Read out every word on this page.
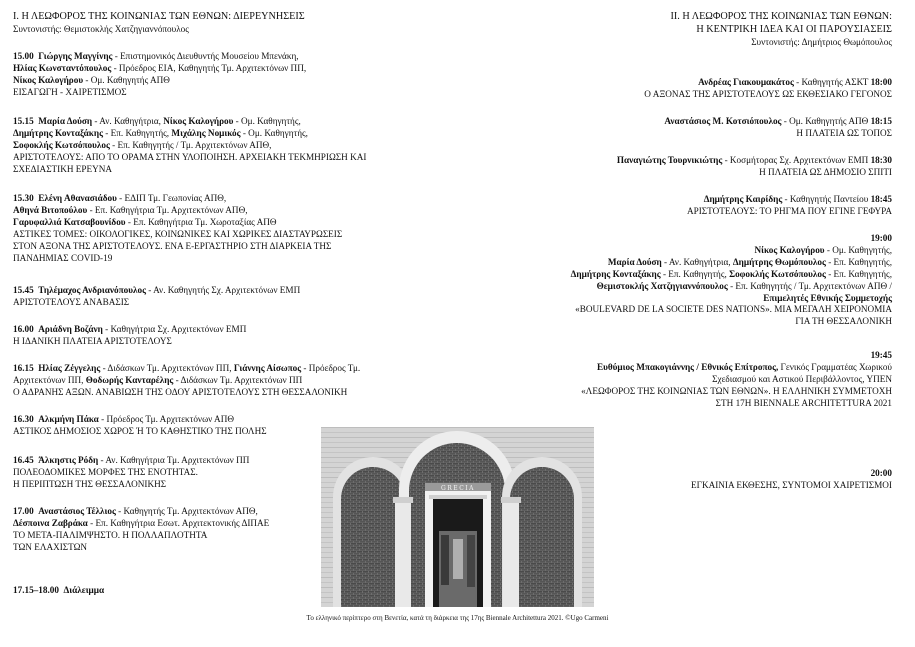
Ι. Η ΛΕΩΦΟΡΟΣ ΤΗΣ ΚΟΙΝΩΝΙΑΣ ΤΩΝ ΕΘΝΩΝ: ΔΙΕΡΕΥΝΗΣΕΙΣ
Συντονιστής: Θεμιστοκλής Χατζηγιαννόπουλος
15.00 Γιώργης Μαγγίνης - Επιστημονικός Διευθυντής Μουσείου Μπενάκη,
Ηλίας Κωνσταντόπουλος - Πρόεδρος ΕΙΑ, Καθηγητής Τμ. Αρχιτεκτόνων ΠΠ,
Νίκος Καλογήρου - Ομ. Καθηγητής ΑΠΘ
ΕΙΣΑΓΩΓΗ - ΧΑΙΡΕΤΙΣΜΟΣ
15.15 Μαρία Δούση - Αν. Καθηγήτρια, Νίκος Καλογήρου - Ομ. Καθηγητής,
Δημήτρης Κονταξάκης - Επ. Καθηγητής, Μιχάλης Νομικός - Ομ. Καθηγητής,
Σοφοκλής Κωτσόπουλος - Επ. Καθηγητής / Τμ. Αρχιτεκτόνων ΑΠΘ,
ΑΡΙΣΤΟΤΕΛΟΥΣ: ΑΠΟ ΤΟ ΟΡΑΜΑ ΣΤΗΝ ΥΛΟΠΟΙΗΣΗ. ΑΡΧΕΙΑΚΗ ΤΕΚΜΗΡΙΩΣΗ ΚΑΙ
ΣΧΕΔΙΑΣΤΙΚΗ ΕΡΕΥΝΑ
15.30 Ελένη Αθανασιάδου - ΕΔΙΠ Τμ. Γεωπονίας ΑΠΘ,
Αθηνά Βιτοπούλου - Επ. Καθηγήτρια Τμ. Αρχιτεκτόνων ΑΠΘ,
Γαρυφαλλιά Κατσαβουνίδου - Επ. Καθηγήτρια Τμ. Χωροταξίας ΑΠΘ
ΑΣΤΙΚΕΣ ΤΟΜΕΣ: ΟΙΚΟΛΟΓΙΚΕΣ, ΚΟΙΝΩΝΙΚΕΣ ΚΑΙ ΧΩΡΙΚΕΣ ΔΙΑΣΤΑΥΡΩΣΕΙΣ
ΣΤΟΝ ΑΞΟΝΑ ΤΗΣ ΑΡΙΣΤΟΤΕΛΟΥΣ. ΕΝΑ Ε-ΕΡΓΑΣΤΗΡΙΟ ΣΤΗ ΔΙΑΡΚΕΙΑ ΤΗΣ
ΠΑΝΔΗΜΙΑΣ COVID-19
15.45 Τηλέμαχος Ανδριανόπουλος - Αν. Καθηγητής Σχ. Αρχιτεκτόνων ΕΜΠ
ΑΡΙΣΤΟΤΕΛΟΥΣ ΑΝΑΒΑΣΙΣ
16.00 Αριάδνη Βοζάνη - Καθηγήτρια Σχ. Αρχιτεκτόνων ΕΜΠ
Η ΙΔΑΝΙΚΗ ΠΛΑΤΕΙΑ ΑΡΙΣΤΟΤΕΛΟΥΣ
16.15 Ηλίας Ζέγγελης - Διδάσκων Τμ. Αρχιτεκτόνων ΠΠ, Γιάννης Αίσωπος - Πρόεδρος Τμ.
Αρχιτεκτόνων ΠΠ, Θοδωρής Κανταρέλης - Διδάσκων Τμ. Αρχιτεκτόνων ΠΠ
Ο ΑΔΡΑΝΗΣ ΑΞΩΝ. ΑΝΑΒΙΩΣΗ ΤΗΣ ΟΔΟΥ ΑΡΙΣΤΟΤΕΛΟΥΣ ΣΤΗ ΘΕΣΣΑΛΟΝΙΚΗ
16.30 Αλκμήνη Πάκα - Πρόεδρος Τμ. Αρχιτεκτόνων ΑΠΘ
ΑΣΤΙΚΟΣ ΔΗΜΟΣΙΟΣ ΧΩΡΟΣ Ή ΤΟ ΚΑΘΗΣΤΙΚΟ ΤΗΣ ΠΟΛΗΣ
16.45 Άλκηστις Ρόδη - Αν. Καθηγήτρια Τμ. Αρχιτεκτόνων ΠΠ
ΠΟΛΕΟΔΟΜΙΚΕΣ ΜΟΡΦΕΣ ΤΗΣ ΕΝΟΤΗΤΑΣ.
Η ΠΕΡΙΠΤΩΣΗ ΤΗΣ ΘΕΣΣΑΛΟΝΙΚΗΣ
17.00 Αναστάσιος Τέλλιος - Καθηγητής Τμ. Αρχιτεκτόνων ΑΠΘ,
Δέσποινα Ζαβράκα - Επ. Καθηγήτρια Εσωτ. Αρχιτεκτονικής ΔΙΠΑΕ
ΤΟ ΜΕΤΑ-ΠΑΛΙΜΨΗΣΤΟ. Η ΠΟΛΛΑΠΛΟΤΗΤΑ
ΤΩΝ ΕΛΑΧΙΣΤΩΝ
17.15–18.00 Διάλειμμα
ΙΙ. Η ΛΕΩΦΟΡΟΣ ΤΗΣ ΚΟΙΝΩΝΙΑΣ ΤΩΝ ΕΘΝΩΝ:
Η ΚΕΝΤΡΙΚΗ ΙΔΕΑ ΚΑΙ ΟΙ ΠΑΡΟΥΣΙΑΣΕΙΣ
Συντονιστής: Δημήτριος Θωμόπουλος
Ανδρέας Γιακουμακάτος - Καθηγητής ΑΣΚΤ 18:00
Ο ΑΞΟΝΑΣ ΤΗΣ ΑΡΙΣΤΟΤΕΛΟΥΣ ΩΣ ΕΚΘΕΣΙΑΚΟ ΓΕΓΟΝΟΣ
Αναστάσιος Μ. Κοτσιόπουλος - Ομ. Καθηγητής ΑΠΘ 18:15
Η ΠΛΑΤΕΙΑ ΩΣ ΤΟΠΟΣ
Παναγιώτης Τουρνικιώτης - Κοσμήτορας Σχ. Αρχιτεκτόνων ΕΜΠ 18:30
Η ΠΛΑΤΕΙΑ ΩΣ ΔΗΜΟΣΙΟ ΣΠΙΤΙ
Δημήτρης Καιρίδης - Καθηγητής Παντείου 18:45
ΑΡΙΣΤΟΤΕΛΟΥΣ: ΤΟ ΡΗΓΜΑ ΠΟΥ ΕΓΙΝΕ ΓΕΦΥΡΑ
19:00
Νίκος Καλογήρου - Ομ. Καθηγητής,
Μαρία Δούση - Αν. Καθηγήτρια, Δημήτρης Θωμόπουλος - Επ. Καθηγητής,
Δημήτρης Κονταξάκης - Επ. Καθηγητής, Σοφοκλής Κωτσόπουλος - Επ. Καθηγητής,
Θεμιστοκλής Χατζηγιαννόπουλος - Επ. Καθηγητής / Τμ. Αρχιτεκτόνων ΑΠΘ /
Επιμελητές Εθνικής Συμμετοχής
«BOULEVARD DE LA SOCIETE DES NATIONS». ΜΙΑ ΜΕΓΑΛΗ ΧΕΙΡΟΝΟΜΙΑ
ΓΙΑ ΤΗ ΘΕΣΣΑΛΟΝΙΚΗ
19:45
Ευθύμιος Μπακογιάννης / Εθνικός Επίτροπος, Γενικός Γραμματέας Χωρικού
Σχεδιασμού και Αστικού Περιβάλλοντος, ΥΠΕΝ
«ΛΕΩΦΟΡΟΣ ΤΗΣ ΚΟΙΝΩΝΙΑΣ ΤΩΝ ΕΘΝΩΝ». Η ΕΛΛΗΝΙΚΗ ΣΥΜΜΕΤΟΧΗ
ΣΤΗ 17Η BIENNALE ARCHITETTURA 2021
20:00
ΕΓΚΑΙΝΙΑ ΕΚΘΕΣΗΣ, ΣΥΝΤΟΜΟΙ ΧΑΙΡΕΤΙΣΜΟΙ
GRECIA
Το ελληνικό περίπτερο στη Βενετία, κατά τη διάρκεια της 17ης Biennale Architettura 2021. ©Ugo Carmeni
